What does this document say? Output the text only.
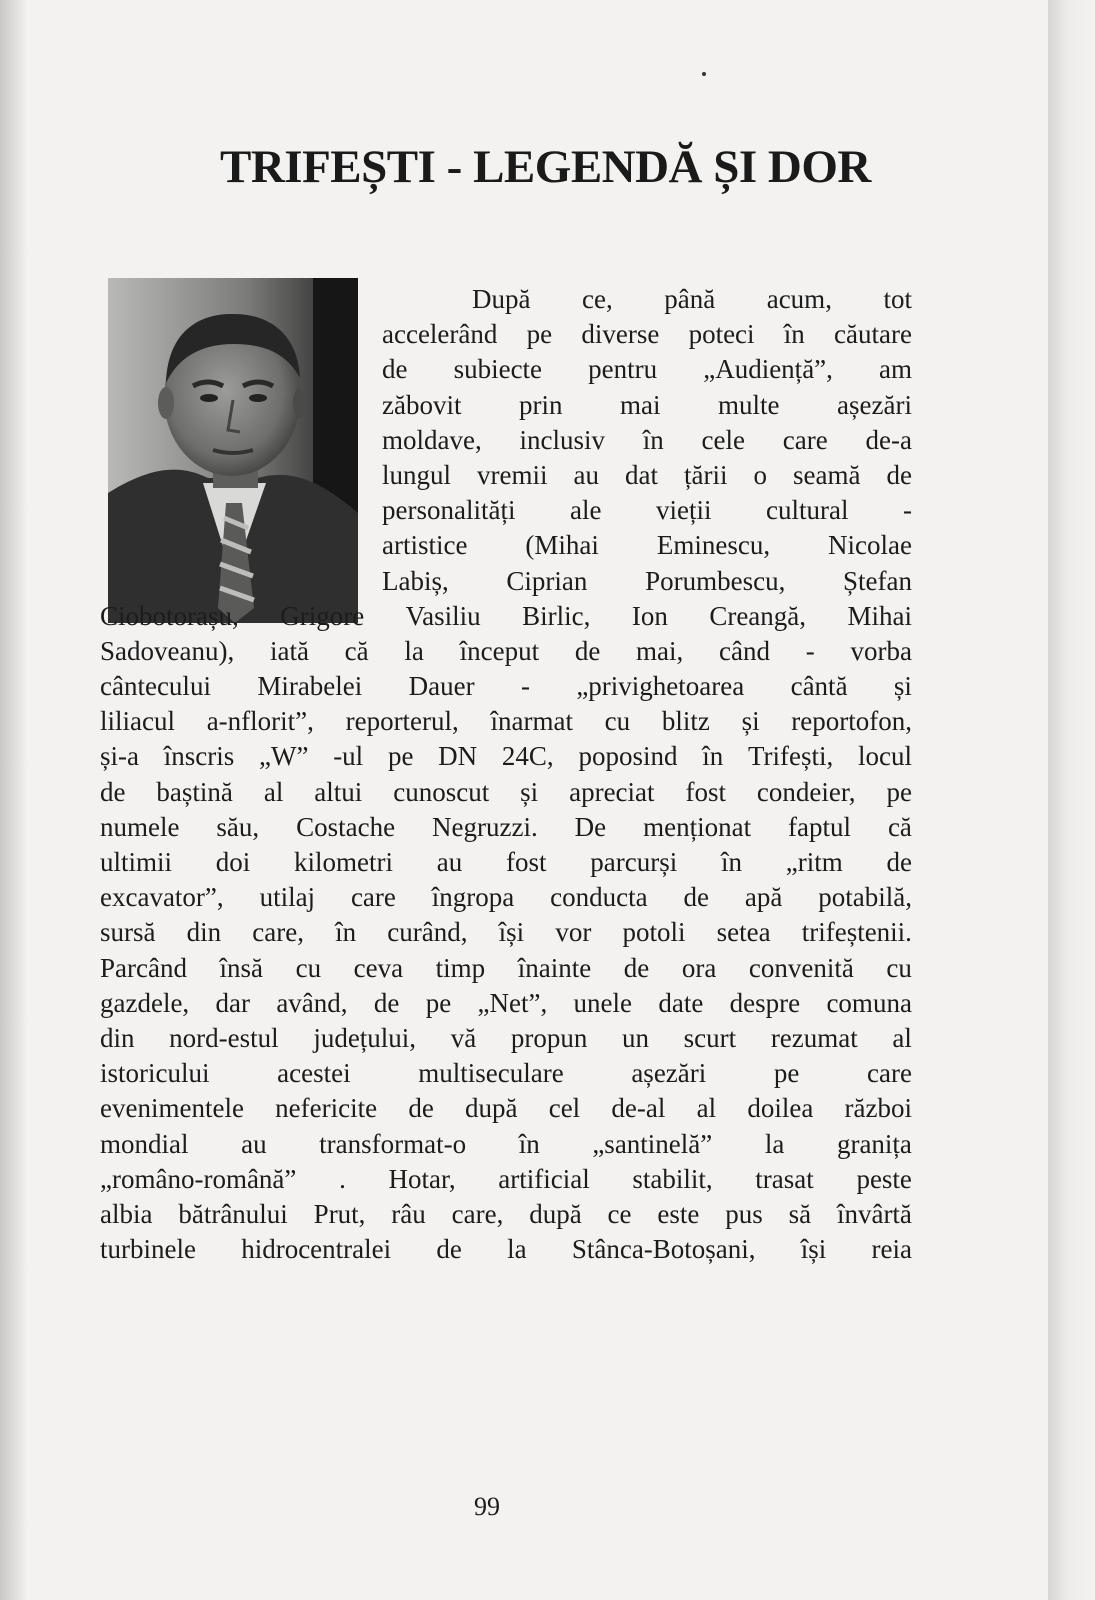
TRIFEȘTI - LEGENDĂ ȘI DOR
După ce, până acum, tot
accelerând pe diverse poteci în căutare
de subiecte pentru „Audiență”, am
zăbovit prin mai multe așezări
moldave, inclusiv în cele care de-a
lungul vremii au dat țării o seamă de
personalități ale vieții cultural -
artistice (Mihai Eminescu, Nicolae
Labiș, Ciprian Porumbescu, Ștefan
Ciobotorașu, Grigore Vasiliu Birlic, Ion Creangă, Mihai
Sadoveanu), iată că la început de mai, când - vorba
cântecului Mirabelei Dauer - „privighetoarea cântă și
liliacul a-nflorit”, reporterul, înarmat cu blitz și reportofon,
și-a înscris „W” -ul pe DN 24C, poposind în Trifești, locul
de baștină al altui cunoscut și apreciat fost condeier, pe
numele său, Costache Negruzzi. De menționat faptul că
ultimii doi kilometri au fost parcurși în „ritm de
excavator”, utilaj care îngropa conducta de apă potabilă,
sursă din care, în curând, își vor potoli setea trifeștenii.
Parcând însă cu ceva timp înainte de ora convenită cu
gazdele, dar având, de pe „Net”, unele date despre comuna
din nord-estul județului, vă propun un scurt rezumat al
istoricului	acestei	multiseculare	așezări	pe	care
evenimentele nefericite de după cel de-al al doilea război
mondial au transformat-o în „santinelă” la granița
„româno-română” . Hotar, artificial stabilit, trasat peste
albia bătrânului Prut, râu care, după ce este pus să învârtă
turbinele hidrocentralei de la Stânca-Botoșani, își reia
99
